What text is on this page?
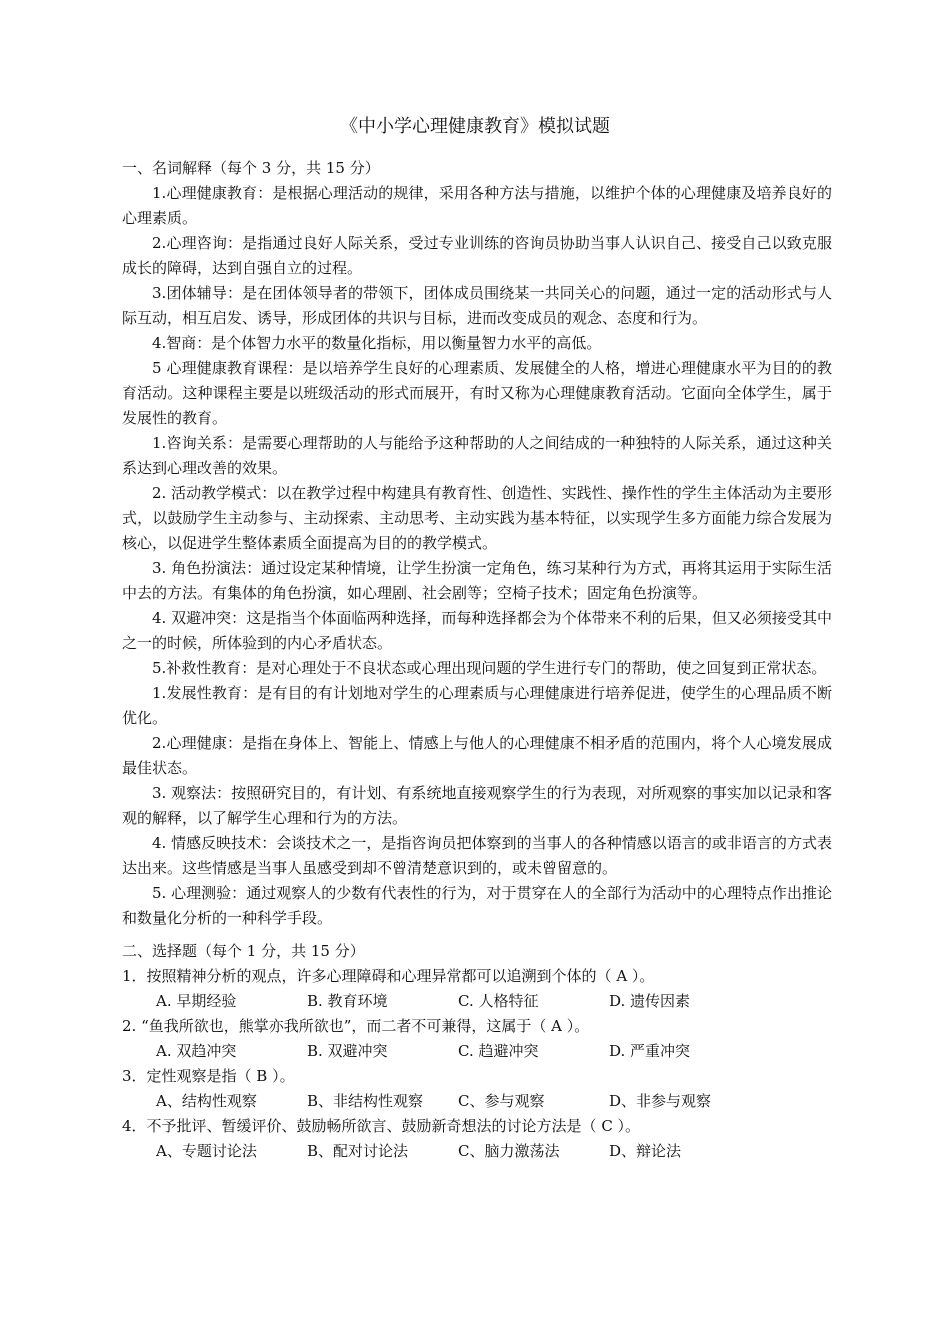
《中小学心理健康教育》模拟试题

一、名词解释（每个 3 分，共 15 分）

1.心理健康教育：是根据心理活动的规律，采用各种方法与措施，以维护个体的心理健康及培养良好的心理素质。

2.心理咨询：是指通过良好人际关系，受过专业训练的咨询员协助当事人认识自己、接受自己以致克服成长的障碍，达到自强自立的过程。

3.团体辅导：是在团体领导者的带领下，团体成员围绕某一共同关心的问题，通过一定的活动形式与人际互动，相互启发、诱导，形成团体的共识与目标，进而改变成员的观念、态度和行为。

4.智商：是个体智力水平的数量化指标，用以衡量智力水平的高低。

5 心理健康教育课程：是以培养学生良好的心理素质、发展健全的人格，增进心理健康水平为目的的教育活动。这种课程主要是以班级活动的形式而展开，有时又称为心理健康教育活动。它面向全体学生，属于发展性的教育。

1.咨询关系：是需要心理帮助的人与能给予这种帮助的人之间结成的一种独特的人际关系，通过这种关系达到心理改善的效果。

2. 活动教学模式：以在教学过程中构建具有教育性、创造性、实践性、操作性的学生主体活动为主要形式，以鼓励学生主动参与、主动探索、主动思考、主动实践为基本特征，以实现学生多方面能力综合发展为核心，以促进学生整体素质全面提高为目的的教学模式。

3. 角色扮演法：通过设定某种情境，让学生扮演一定角色，练习某种行为方式，再将其运用于实际生活中去的方法。有集体的角色扮演，如心理剧、社会剧等；空椅子技术；固定角色扮演等。

4. 双避冲突：这是指当个体面临两种选择，而每种选择都会为个体带来不利的后果，但又必须接受其中之一的时候，所体验到的内心矛盾状态。

5.补救性教育：是对心理处于不良状态或心理出现问题的学生进行专门的帮助，使之回复到正常状态。

1.发展性教育：是有目的有计划地对学生的心理素质与心理健康进行培养促进，使学生的心理品质不断优化。

2.心理健康：是指在身体上、智能上、情感上与他人的心理健康不相矛盾的范围内，将个人心境发展成最佳状态。

3. 观察法：按照研究目的，有计划、有系统地直接观察学生的行为表现，对所观察的事实加以记录和客观的解释，以了解学生心理和行为的方法。

4. 情感反映技术：会谈技术之一，是指咨询员把体察到的当事人的各种情感以语言的或非语言的方式表达出来。这些情感是当事人虽感受到却不曾清楚意识到的，或未曾留意的。

5. 心理测验：通过观察人的少数有代表性的行为，对于贯穿在人的全部行为活动中的心理特点作出推论和数量化分析的一种科学手段。

二、选择题（每个 1 分，共 15 分）

1．按照精神分析的观点，许多心理障碍和心理异常都可以追溯到个体的（ A ）。

A. 早期经验	B. 教育环境	C. 人格特征	D. 遗传因素

2. “鱼我所欲也，熊掌亦我所欲也”，而二者不可兼得，这属于（ A ）。

A. 双趋冲突	B. 双避冲突	C. 趋避冲突	D. 严重冲突

3．定性观察是指（ B ）。

A、结构性观察	B、非结构性观察	C、参与观察	D、非参与观察

4．不予批评、暂缓评价、鼓励畅所欲言、鼓励新奇想法的讨论方法是（ C ）。

A、专题讨论法	B、配对讨论法	C、脑力激荡法	D、辩论法
